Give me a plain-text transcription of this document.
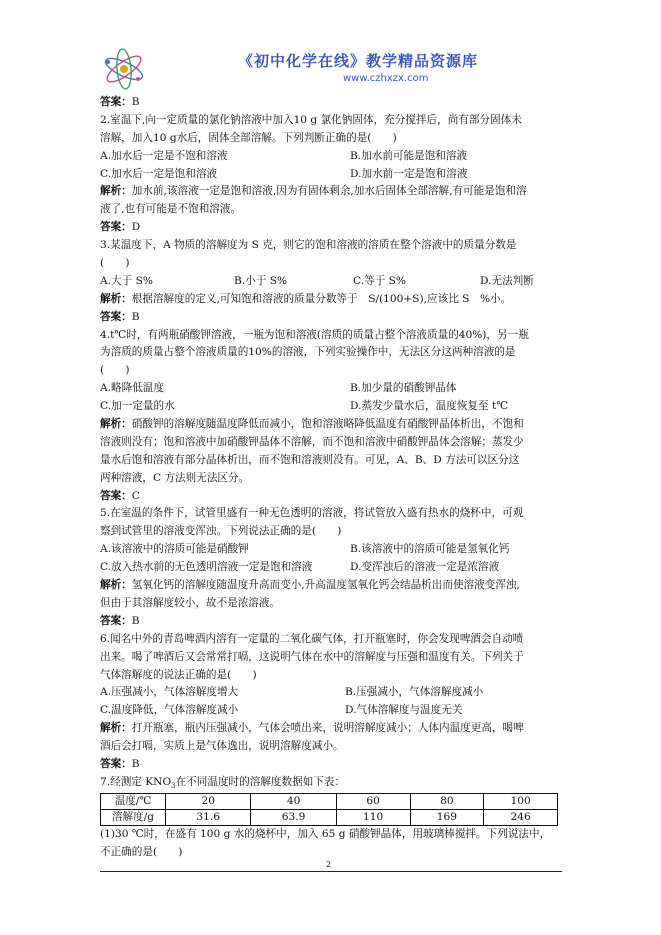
《初中化学在线》教学精品资源库
www.czhxzx.com
答案：B
2.室温下,向一定质量的氯化钠溶液中加入10 g 氯化钠固体，充分搅拌后，尚有部分固体未
溶解，加入10 g水后，固体全部溶解。下列判断正确的是(　　)
A.加水后一定是不饱和溶液	B.加水前可能是饱和溶液
C.加水后一定是饱和溶液	D.加水前一定是饱和溶液
解析：加水前,该溶液一定是饱和溶液,因为有固体剩余,加水后固体全部溶解,有可能是饱和溶
液了,也有可能是不饱和溶液。
答案：D
3.某温度下，A 物质的溶解度为 S 克，则它的饱和溶液的溶质在整个溶液中的质量分数是
(　　)
A.大于 S%	B.小于 S%	C.等于 S%	D.无法判断
解析：根据溶解度的定义,可知饱和溶液的质量分数等于　S/(100+S),应该比 S　%小。
答案：B
4.t℃时，有两瓶硝酸钾溶液，一瓶为饱和溶液(溶质的质量占整个溶液质量的40%)，另一瓶
为溶质的质量占整个溶液质量的10%的溶液，下列实验操作中，无法区分这两种溶液的是
(　　)
A.略降低温度	B.加少量的硝酸钾晶体
C.加一定量的水	D.蒸发少量水后，温度恢复至 t℃
解析：硝酸钾的溶解度随温度降低而减小，饱和溶液略降低温度有硝酸钾晶体析出，不饱和
溶液则没有；饱和溶液中加硝酸钾晶体不溶解，而不饱和溶液中硝酸钾晶体会溶解；蒸发少
量水后饱和溶液有部分晶体析出，而不饱和溶液则没有。可见，A、B、D 方法可以区分这
两种溶液，C 方法则无法区分。
答案：C
5.在室温的条件下，试管里盛有一种无色透明的溶液，将试管放入盛有热水的烧杯中，可观
察到试管里的溶液变浑浊。下列说法正确的是(　　)
A.该溶液中的溶质可能是硝酸钾	B.该溶液中的溶质可能是氢氧化钙
C.放入热水前的无色透明溶液一定是饱和溶液	D.变浑浊后的溶液一定是浓溶液
解析：氢氧化钙的溶解度随温度升高而变小,升高温度氢氧化钙会结晶析出而使溶液变浑浊,
但由于其溶解度较小，故不是浓溶液。
答案：B
6.闻名中外的青岛啤酒内溶有一定量的二氧化碳气体，打开瓶塞时，你会发现啤酒会自动喷
出来。喝了啤酒后又会常常打嗝，这说明气体在水中的溶解度与压强和温度有关。下列关于
气体溶解度的说法正确的是(　　)
A.压强减小，气体溶解度增大	B.压强减小，气体溶解度减小
C.温度降低，气体溶解度减小	D.气体溶解度与温度无关
解析：打开瓶塞，瓶内压强减小，气体会喷出来，说明溶解度减小；人体内温度更高，喝啤
酒后会打嗝，实质上是气体逸出，说明溶解度减小。
答案：B
7.经测定 $KNO_3$在不同温度时的溶解度数据如下表：
温度/℃	20	40	60	80	100
溶解度/g	31.6	63.9	110	169	246
(1)30 ℃时，在盛有 100 g 水的烧杯中，加入 65 g 硝酸钾晶体，用玻璃棒搅拌。下列说法中，
不正确的是(　　)
2
